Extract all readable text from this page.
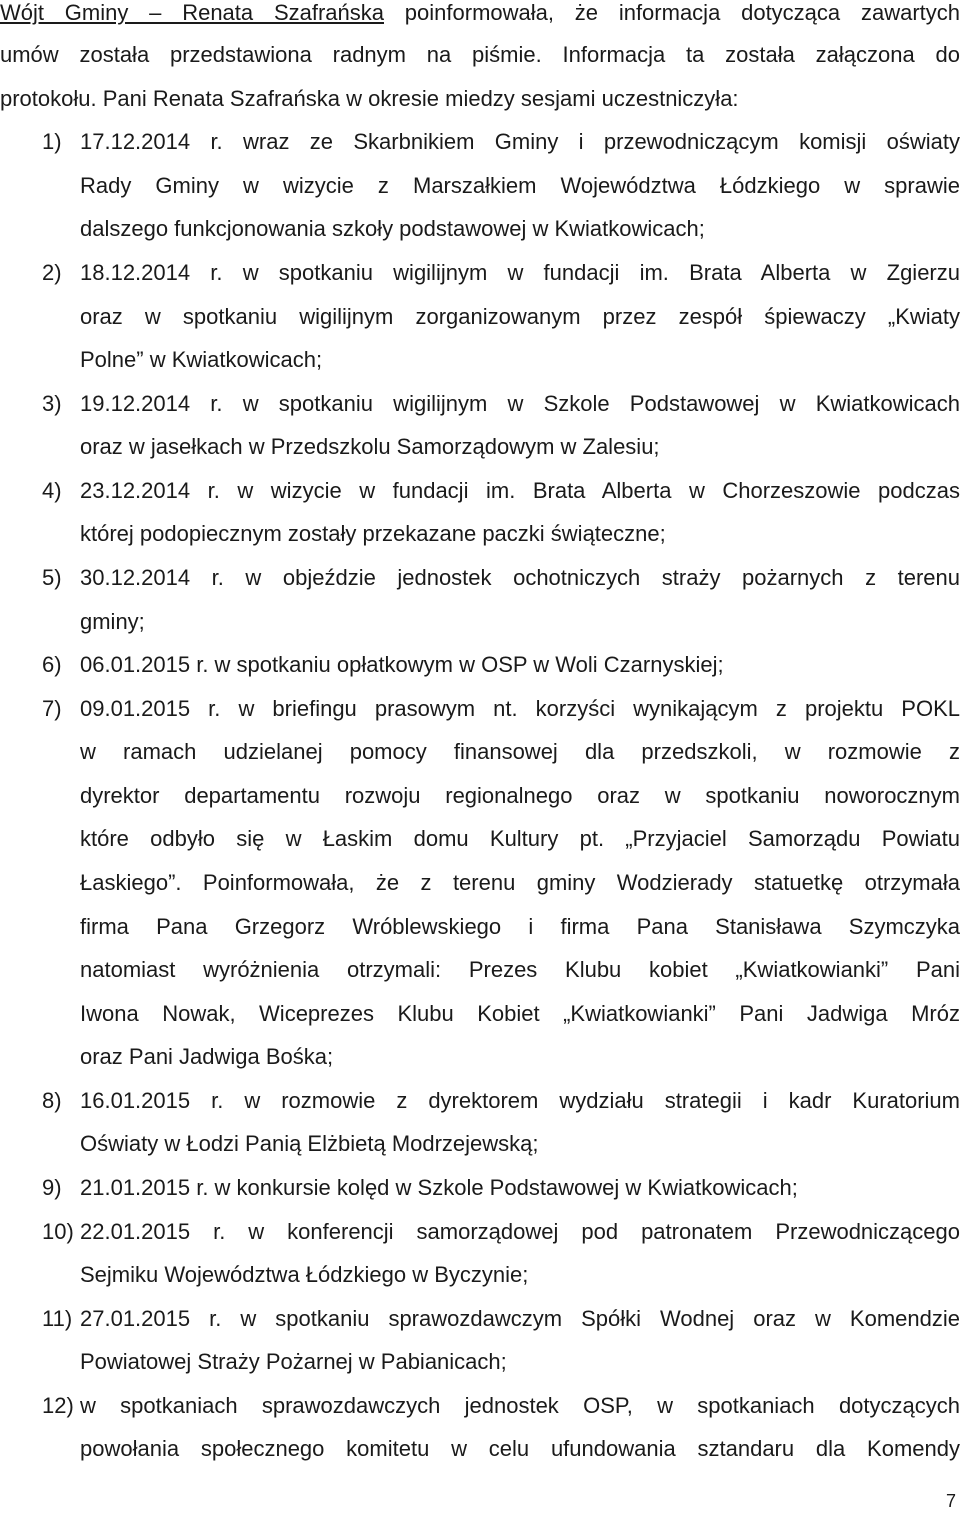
Wójt Gminy – Renata Szafrańska poinformowała, że informacja dotycząca zawartych
umów została przedstawiona radnym na piśmie. Informacja ta została załączona do
protokołu. Pani Renata Szafrańska w okresie miedzy sesjami uczestniczyła:
1) 17.12.2014 r. wraz ze Skarbnikiem Gminy i przewodniczącym komisji oświaty
Rady Gminy w wizycie z Marszałkiem Województwa Łódzkiego w sprawie
dalszego funkcjonowania szkoły podstawowej w Kwiatkowicach;
2) 18.12.2014 r. w spotkaniu wigilijnym w fundacji im. Brata Alberta w Zgierzu
oraz w spotkaniu wigilijnym zorganizowanym przez zespół śpiewaczy „Kwiaty
Polne” w Kwiatkowicach;
3) 19.12.2014 r. w spotkaniu wigilijnym w Szkole Podstawowej w Kwiatkowicach
oraz w jasełkach w Przedszkolu Samorządowym w Zalesiu;
4) 23.12.2014 r. w wizycie w fundacji im. Brata Alberta w Chorzeszowie podczas
której podopiecznym zostały przekazane paczki świąteczne;
5) 30.12.2014 r. w objeździe jednostek ochotniczych straży pożarnych z terenu
gminy;
6) 06.01.2015 r. w spotkaniu opłatkowym w OSP w Woli Czarnyskiej;
7) 09.01.2015 r. w briefingu prasowym nt. korzyści wynikającym z projektu POKL
w ramach udzielanej pomocy finansowej dla przedszkoli, w rozmowie z
dyrektor departamentu rozwoju regionalnego oraz w spotkaniu noworocznym
które odbyło się w Łaskim domu Kultury pt. „Przyjaciel Samorządu Powiatu
Łaskiego”. Poinformowała, że z terenu gminy Wodzierady statuetkę otrzymała
firma Pana Grzegorz Wróblewskiego i firma Pana Stanisława Szymczyka
natomiast wyróżnienia otrzymali: Prezes Klubu kobiet „Kwiatkowianki” Pani
Iwona Nowak, Wiceprezes Klubu Kobiet „Kwiatkowianki” Pani Jadwiga Mróz
oraz Pani Jadwiga Bośka;
8) 16.01.2015 r. w rozmowie z dyrektorem wydziału strategii i kadr Kuratorium
Oświaty w Łodzi Panią Elżbietą Modrzejewską;
9) 21.01.2015 r. w konkursie kolęd w Szkole Podstawowej w Kwiatkowicach;
10) 22.01.2015 r. w konferencji samorządowej pod patronatem Przewodniczącego
Sejmiku Województwa Łódzkiego w Byczynie;
11) 27.01.2015 r. w spotkaniu sprawozdawczym Spółki Wodnej oraz w Komendzie
Powiatowej Straży Pożarnej w Pabianicach;
12) w spotkaniach sprawozdawczych jednostek OSP, w spotkaniach dotyczących
powołania społecznego komitetu w celu ufundowania sztandaru dla Komendy
7
